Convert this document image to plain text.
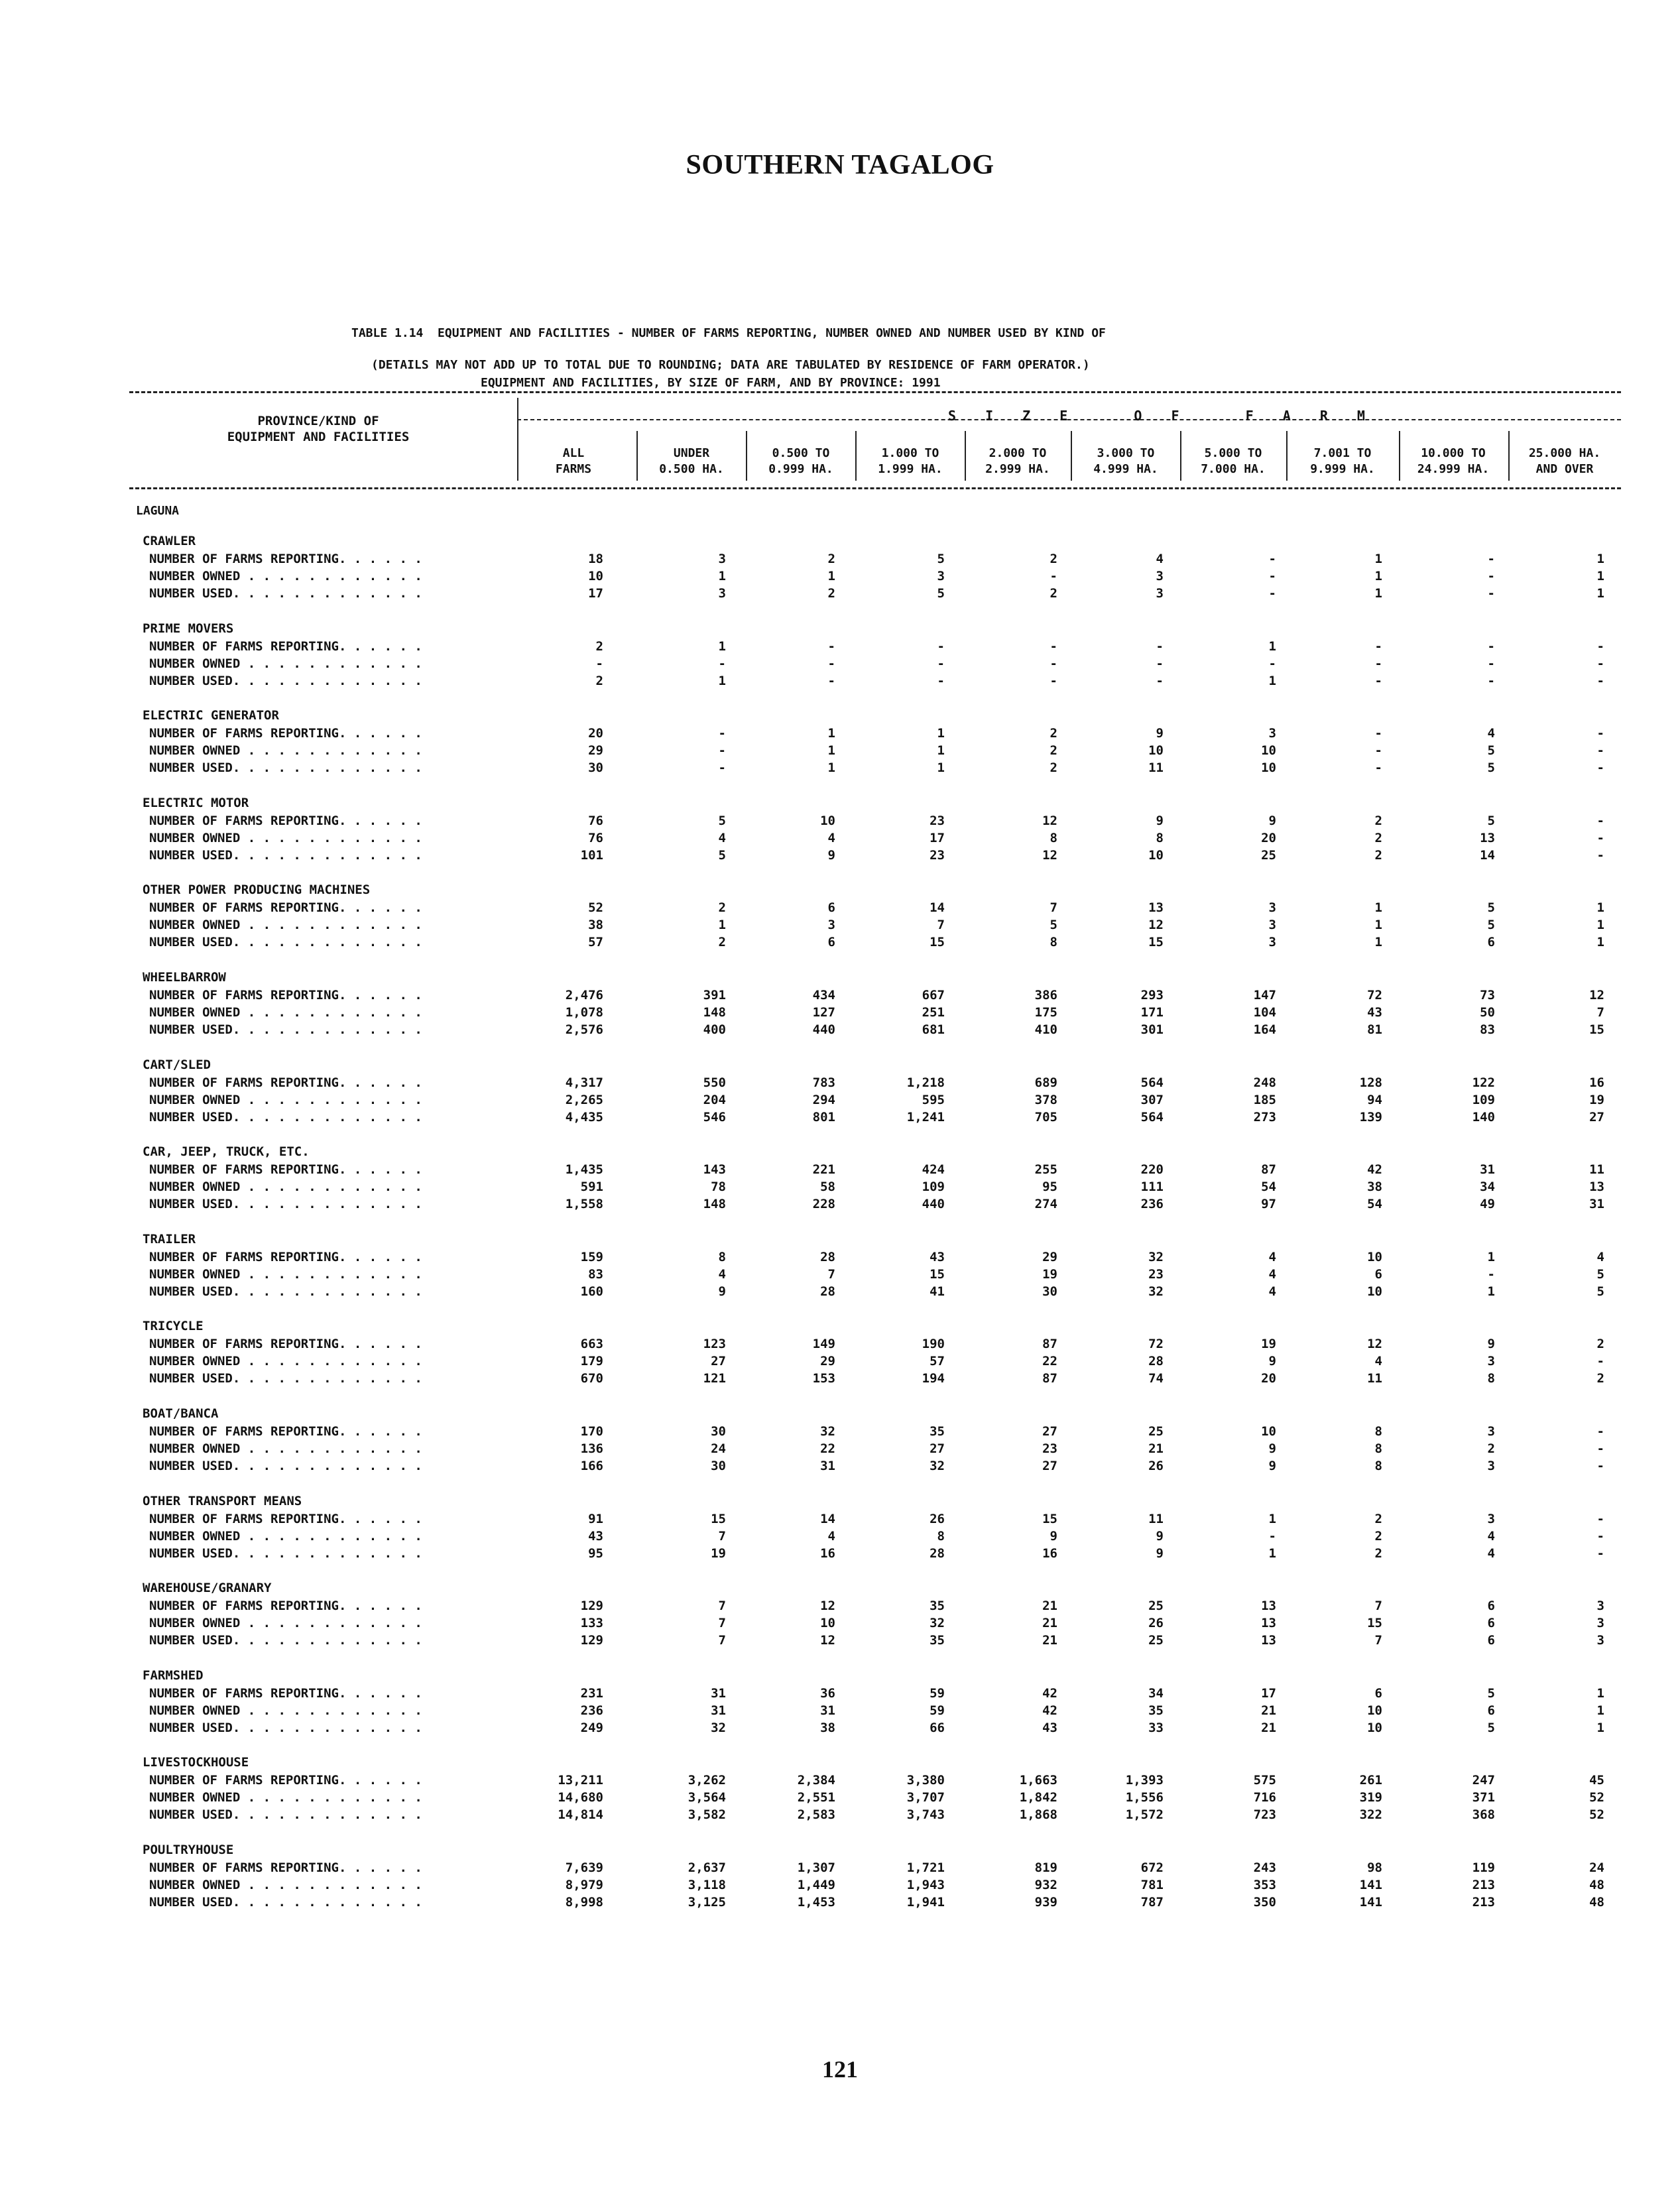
SOUTHERN TAGALOG

TABLE 1.14  EQUIPMENT AND FACILITIES - NUMBER OF FARMS REPORTING, NUMBER OWNED AND NUMBER USED BY KIND OF

EQUIPMENT AND FACILITIES, BY SIZE OF FARM, AND BY PROVINCE: 1991

(DETAILS MAY NOT ADD UP TO TOTAL DUE TO ROUNDING; DATA ARE TABULATED BY RESIDENCE OF FARM OPERATOR.)
PROVINCE/KIND OF
EQUIPMENT AND FACILITIES
S I Z E   O F   F A R M
ALL
FARMS
UNDER
0.500 HA.
0.500 TO
0.999 HA.
1.000 TO
1.999 HA.
2.000 TO
2.999 HA.
3.000 TO
4.999 HA.
5.000 TO
7.000 HA.
7.001 TO
9.999 HA.
10.000 TO
24.999 HA.
25.000 HA.
AND OVER
LAGUNA
CRAWLER
NUMBER OF FARMS REPORTING. . . . . .	18	3	2	5	2	4	-	1	-	1
NUMBER OWNED . . . . . . . . . . . .	10	1	1	3	-	3	-	1	-	1
NUMBER USED. . . . . . . . . . . . .	17	3	2	5	2	3	-	1	-	1
PRIME MOVERS
NUMBER OF FARMS REPORTING. . . . . .	2	1	-	-	-	-	1	-	-	-
NUMBER OWNED . . . . . . . . . . . .	-	-	-	-	-	-	-	-	-	-
NUMBER USED. . . . . . . . . . . . .	2	1	-	-	-	-	1	-	-	-
ELECTRIC GENERATOR
NUMBER OF FARMS REPORTING. . . . . .	20	-	1	1	2	9	3	-	4	-
NUMBER OWNED . . . . . . . . . . . .	29	-	1	1	2	10	10	-	5	-
NUMBER USED. . . . . . . . . . . . .	30	-	1	1	2	11	10	-	5	-
ELECTRIC MOTOR
NUMBER OF FARMS REPORTING. . . . . .	76	5	10	23	12	9	9	2	5	-
NUMBER OWNED . . . . . . . . . . . .	76	4	4	17	8	8	20	2	13	-
NUMBER USED. . . . . . . . . . . . .	101	5	9	23	12	10	25	2	14	-
OTHER POWER PRODUCING MACHINES
NUMBER OF FARMS REPORTING. . . . . .	52	2	6	14	7	13	3	1	5	1
NUMBER OWNED . . . . . . . . . . . .	38	1	3	7	5	12	3	1	5	1
NUMBER USED. . . . . . . . . . . . .	57	2	6	15	8	15	3	1	6	1
WHEELBARROW
NUMBER OF FARMS REPORTING. . . . . .	2,476	391	434	667	386	293	147	72	73	12
NUMBER OWNED . . . . . . . . . . . .	1,078	148	127	251	175	171	104	43	50	7
NUMBER USED. . . . . . . . . . . . .	2,576	400	440	681	410	301	164	81	83	15
CART/SLED
NUMBER OF FARMS REPORTING. . . . . .	4,317	550	783	1,218	689	564	248	128	122	16
NUMBER OWNED . . . . . . . . . . . .	2,265	204	294	595	378	307	185	94	109	19
NUMBER USED. . . . . . . . . . . . .	4,435	546	801	1,241	705	564	273	139	140	27
CAR, JEEP, TRUCK, ETC.
NUMBER OF FARMS REPORTING. . . . . .	1,435	143	221	424	255	220	87	42	31	11
NUMBER OWNED . . . . . . . . . . . .	591	78	58	109	95	111	54	38	34	13
NUMBER USED. . . . . . . . . . . . .	1,558	148	228	440	274	236	97	54	49	31
TRAILER
NUMBER OF FARMS REPORTING. . . . . .	159	8	28	43	29	32	4	10	1	4
NUMBER OWNED . . . . . . . . . . . .	83	4	7	15	19	23	4	6	-	5
NUMBER USED. . . . . . . . . . . . .	160	9	28	41	30	32	4	10	1	5
TRICYCLE
NUMBER OF FARMS REPORTING. . . . . .	663	123	149	190	87	72	19	12	9	2
NUMBER OWNED . . . . . . . . . . . .	179	27	29	57	22	28	9	4	3	-
NUMBER USED. . . . . . . . . . . . .	670	121	153	194	87	74	20	11	8	2
BOAT/BANCA
NUMBER OF FARMS REPORTING. . . . . .	170	30	32	35	27	25	10	8	3	-
NUMBER OWNED . . . . . . . . . . . .	136	24	22	27	23	21	9	8	2	-
NUMBER USED. . . . . . . . . . . . .	166	30	31	32	27	26	9	8	3	-
OTHER TRANSPORT MEANS
NUMBER OF FARMS REPORTING. . . . . .	91	15	14	26	15	11	1	2	3	-
NUMBER OWNED . . . . . . . . . . . .	43	7	4	8	9	9	-	2	4	-
NUMBER USED. . . . . . . . . . . . .	95	19	16	28	16	9	1	2	4	-
WAREHOUSE/GRANARY
NUMBER OF FARMS REPORTING. . . . . .	129	7	12	35	21	25	13	7	6	3
NUMBER OWNED . . . . . . . . . . . .	133	7	10	32	21	26	13	15	6	3
NUMBER USED. . . . . . . . . . . . .	129	7	12	35	21	25	13	7	6	3
FARMSHED
NUMBER OF FARMS REPORTING. . . . . .	231	31	36	59	42	34	17	6	5	1
NUMBER OWNED . . . . . . . . . . . .	236	31	31	59	42	35	21	10	6	1
NUMBER USED. . . . . . . . . . . . .	249	32	38	66	43	33	21	10	5	1
LIVESTOCKHOUSE
NUMBER OF FARMS REPORTING. . . . . .	13,211	3,262	2,384	3,380	1,663	1,393	575	261	247	45
NUMBER OWNED . . . . . . . . . . . .	14,680	3,564	2,551	3,707	1,842	1,556	716	319	371	52
NUMBER USED. . . . . . . . . . . . .	14,814	3,582	2,583	3,743	1,868	1,572	723	322	368	52
POULTRYHOUSE
NUMBER OF FARMS REPORTING. . . . . .	7,639	2,637	1,307	1,721	819	672	243	98	119	24
NUMBER OWNED . . . . . . . . . . . .	8,979	3,118	1,449	1,943	932	781	353	141	213	48
NUMBER USED. . . . . . . . . . . . .	8,998	3,125	1,453	1,941	939	787	350	141	213	48
121
